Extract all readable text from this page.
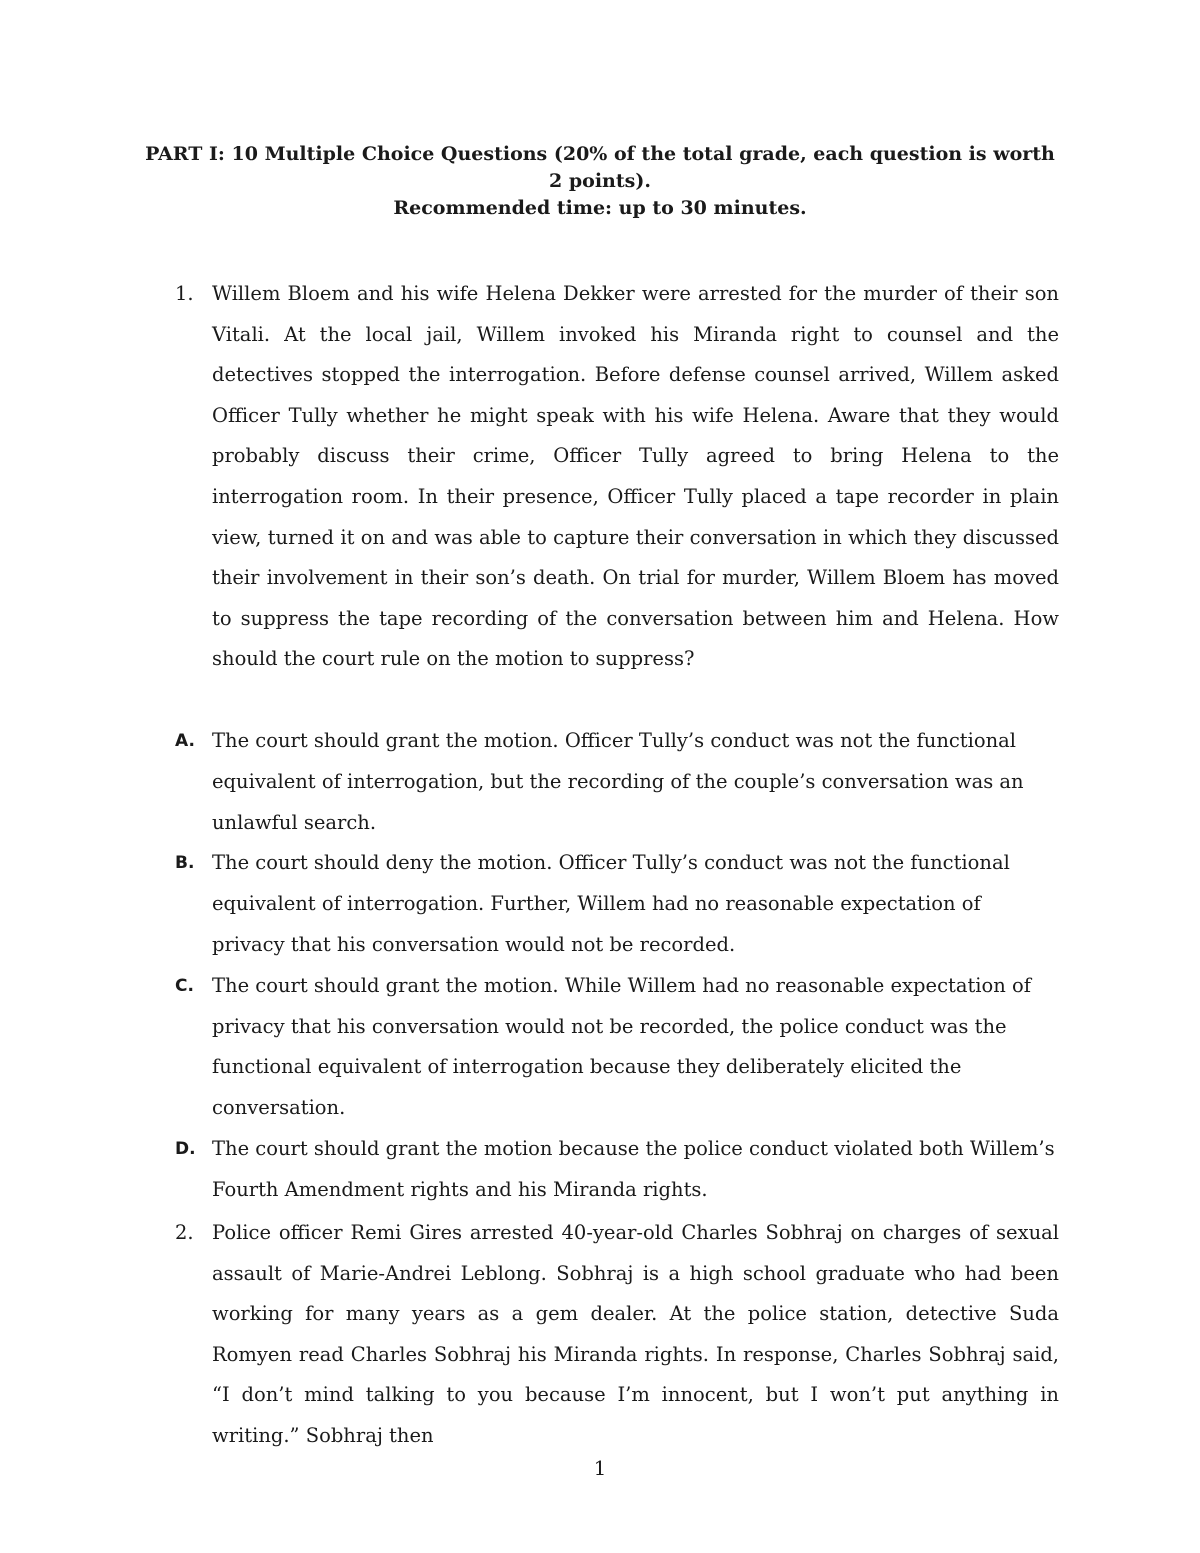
PART I: 10 Multiple Choice Questions (20% of the total grade, each question is worth 2 points).
Recommended time: up to 30 minutes.
1. Willem Bloem and his wife Helena Dekker were arrested for the murder of their son Vitali. At the local jail, Willem invoked his Miranda right to counsel and the detectives stopped the interrogation. Before defense counsel arrived, Willem asked Officer Tully whether he might speak with his wife Helena. Aware that they would probably discuss their crime, Officer Tully agreed to bring Helena to the interrogation room. In their presence, Officer Tully placed a tape recorder in plain view, turned it on and was able to capture their conversation in which they discussed their involvement in their son’s death. On trial for murder, Willem Bloem has moved to suppress the tape recording of the conversation between him and Helena. How should the court rule on the motion to suppress?
A. The court should grant the motion. Officer Tully’s conduct was not the functional equivalent of interrogation, but the recording of the couple’s conversation was an unlawful search.
B. The court should deny the motion. Officer Tully’s conduct was not the functional equivalent of interrogation. Further, Willem had no reasonable expectation of privacy that his conversation would not be recorded.
C. The court should grant the motion. While Willem had no reasonable expectation of privacy that his conversation would not be recorded, the police conduct was the functional equivalent of interrogation because they deliberately elicited the conversation.
D. The court should grant the motion because the police conduct violated both Willem’s Fourth Amendment rights and his Miranda rights.
2. Police officer Remi Gires arrested 40-year-old Charles Sobhraj on charges of sexual assault of Marie-Andrei Leblong. Sobhraj is a high school graduate who had been working for many years as a gem dealer. At the police station, detective Suda Romyen read Charles Sobhraj his Miranda rights. In response, Charles Sobhraj said, “I don’t mind talking to you because I’m innocent, but I won’t put anything in writing.” Sobhraj then
1
